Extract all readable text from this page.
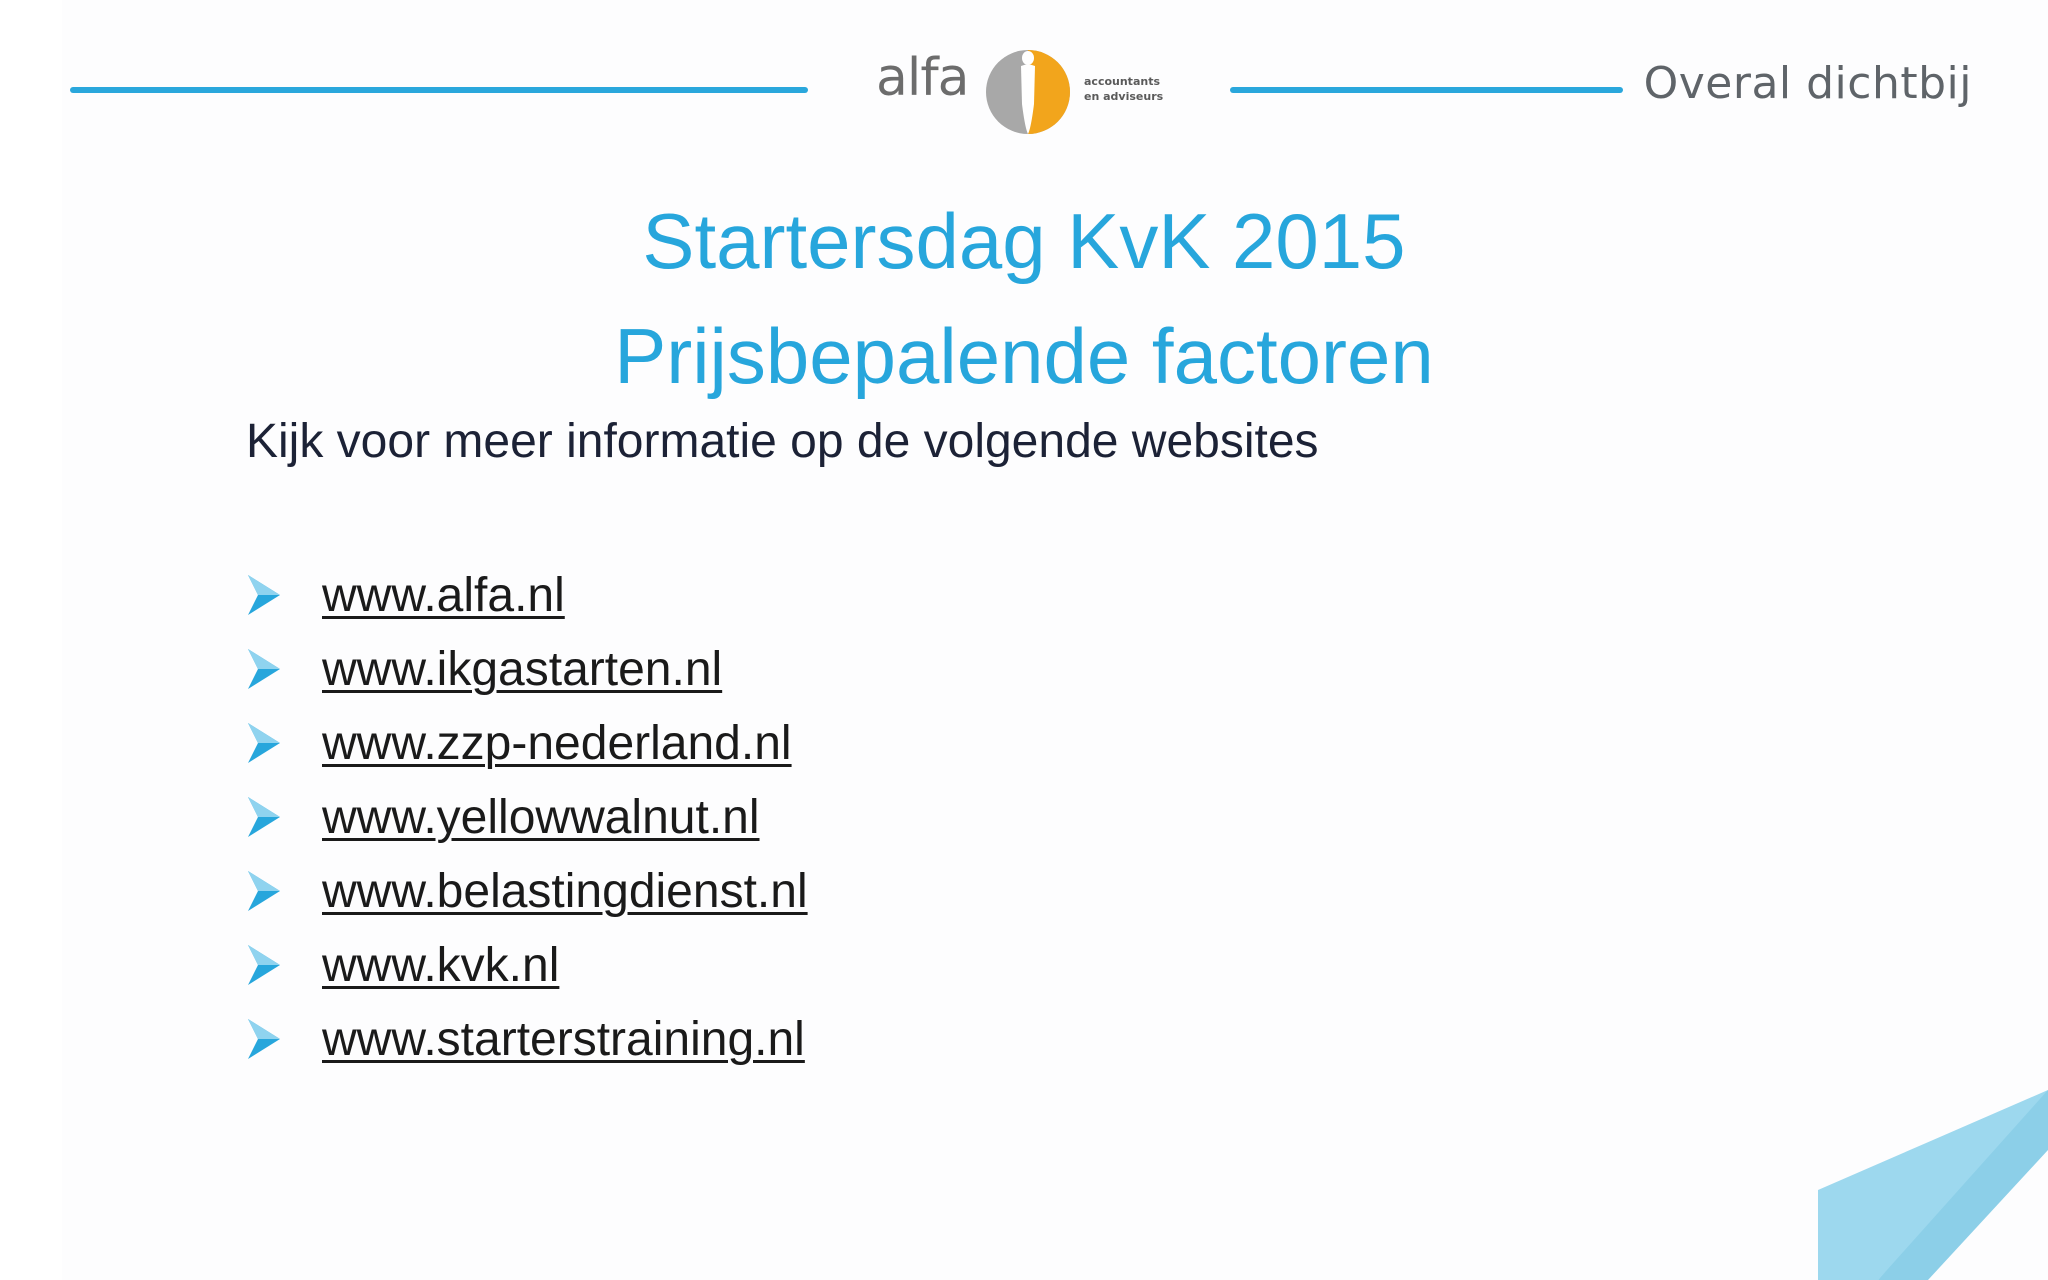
alfa	accountants
en adviseurs	Overal dichtbij
Startersdag KvK 2015
Prijsbepalende factoren
Kijk voor meer informatie op de volgende websites
www.alfa.nl
www.ikgastarten.nl
www.zzp-nederland.nl
www.yellowwalnut.nl
www.belastingdienst.nl
www.kvk.nl
www.starterstraining.nl
